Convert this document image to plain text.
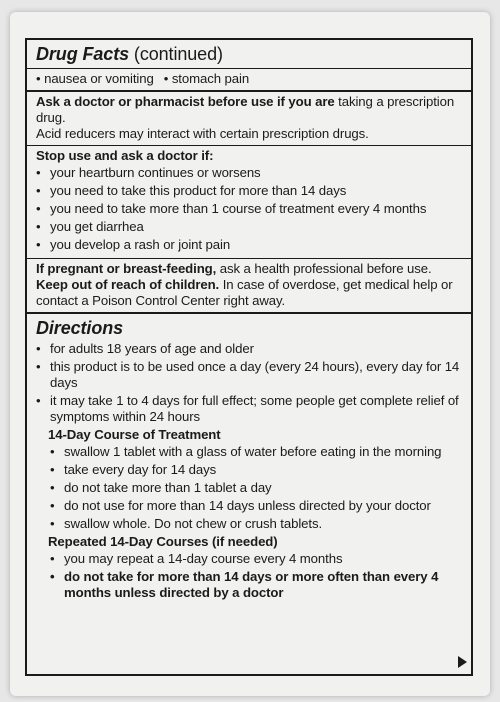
Drug Facts (continued)
• nausea or vomiting • stomach pain
Ask a doctor or pharmacist before use if you are taking a prescription drug.
Acid reducers may interact with certain prescription drugs.
Stop use and ask a doctor if:
• your heartburn continues or worsens
• you need to take this product for more than 14 days
• you need to take more than 1 course of treatment every 4 months
• you get diarrhea
• you develop a rash or joint pain
If pregnant or breast-feeding, ask a health professional before use.
Keep out of reach of children. In case of overdose, get medical help or contact a Poison Control Center right away.
Directions
• for adults 18 years of age and older
• this product is to be used once a day (every 24 hours), every day for 14 days
• it may take 1 to 4 days for full effect; some people get complete relief of symptoms within 24 hours
14-Day Course of Treatment
• swallow 1 tablet with a glass of water before eating in the morning
• take every day for 14 days
• do not take more than 1 tablet a day
• do not use for more than 14 days unless directed by your doctor
• swallow whole. Do not chew or crush tablets.
Repeated 14-Day Courses (if needed)
• you may repeat a 14-day course every 4 months
• do not take for more than 14 days or more often than every 4 months unless directed by a doctor
